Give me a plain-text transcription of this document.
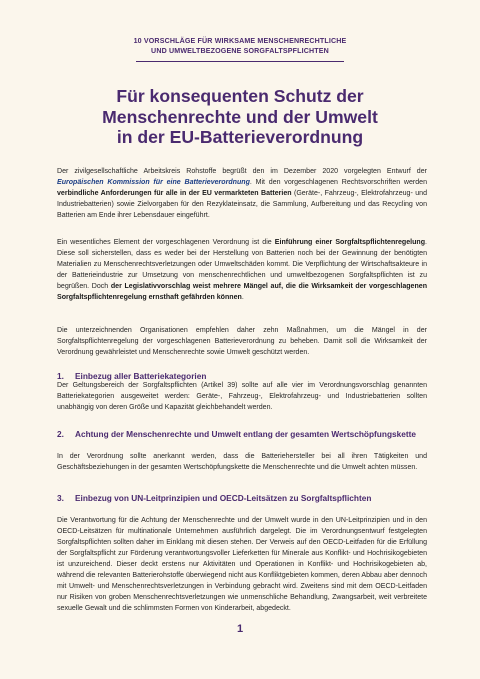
10 VORSCHLÄGE FÜR WIRKSAME MENSCHENRECHTLICHE
UND UMWELTBEZOGENE SORGFALTSPFLICHTEN
Für konsequenten Schutz der
Menschenrechte und der Umwelt
in der EU-Batterieverordnung

Der zivilgesellschaftliche Arbeitskreis Rohstoffe begrüßt den im Dezember 2020 vorgelegten Entwurf der Europäischen Kommission für eine Batterieverordnung. Mit den vorgeschlagenen Rechtsvorschriften werden verbindliche Anforderungen für alle in der EU vermarkteten Batterien (Geräte-, Fahrzeug-, Elektrofahrzeug- und Industriebatterien) sowie Zielvorgaben für den Rezyklateinsatz, die Sammlung, Aufbereitung und das Recycling von Batterien am Ende ihrer Lebensdauer eingeführt.

Ein wesentliches Element der vorgeschlagenen Verordnung ist die Einführung einer Sorgfaltspflichtenregelung. Diese soll sicherstellen, dass es weder bei der Herstellung von Batterien noch bei der Gewinnung der benötigten Materialien zu Menschenrechtsverletzungen oder Umweltschäden kommt. Die Verpflichtung der Wirtschaftsakteure in der Batterieindustrie zur Umsetzung von menschenrechtlichen und umweltbezogenen Sorgfaltspflichten ist zu begrüßen. Doch der Legislativvorschlag weist mehrere Mängel auf, die die Wirksamkeit der vorgeschlagenen Sorgfaltspflichtenregelung ernsthaft gefährden können.

Die unterzeichnenden Organisationen empfehlen daher zehn Maßnahmen, um die Mängel in der Sorgfaltspflichtenregelung der vorgeschlagenen Batterieverordnung zu beheben. Damit soll die Wirksamkeit der Verordnung gewährleistet und Menschenrechte sowie Umwelt geschützt werden.

1. Einbezug aller Batteriekategorien

Der Geltungsbereich der Sorgfaltspflichten (Artikel 39) sollte auf alle vier im Verordnungsvorschlag genannten Batteriekategorien ausgeweitet werden: Geräte-, Fahrzeug-, Elektrofahrzeug- und Industriebatterien sollten unabhängig von deren Größe und Kapazität gleichbehandelt werden.

2. Achtung der Menschenrechte und Umwelt entlang der gesamten Wertschöpfungskette

In der Verordnung sollte anerkannt werden, dass die Batteriehersteller bei all ihren Tätigkeiten und Geschäftsbeziehungen in der gesamten Wertschöpfungskette die Menschenrechte und die Umwelt achten müssen.

3. Einbezug von UN-Leitprinzipien und OECD-Leitsätzen zu Sorgfaltspflichten

Die Verantwortung für die Achtung der Menschenrechte und der Umwelt wurde in den UN-Leitprinzipien und in den OECD-Leitsätzen für multinationale Unternehmen ausführlich dargelegt. Die im Verordnungsentwurf festgelegten Sorgfaltspflichten sollten daher im Einklang mit diesen stehen. Der Verweis auf den OECD-Leitfaden für die Erfüllung der Sorgfaltspflicht zur Förderung verantwortungsvoller Lieferketten für Minerale aus Konflikt- und Hochrisikogebieten ist unzureichend. Dieser deckt erstens nur Aktivitäten und Operationen in Konflikt- und Hochrisikogebieten ab, während die relevanten Batterierohstoffe überwiegend nicht aus Konfliktgebieten kommen, deren Abbau aber dennoch mit Umwelt- und Menschenrechtsverletzungen in Verbindung gebracht wird. Zweitens sind mit dem OECD-Leitfaden nur Risiken von groben Menschenrechtsverletzungen wie unmenschliche Behandlung, Zwangsarbeit, weit verbreitete sexuelle Gewalt und die schlimmsten Formen von Kinderarbeit, abgedeckt.

1
